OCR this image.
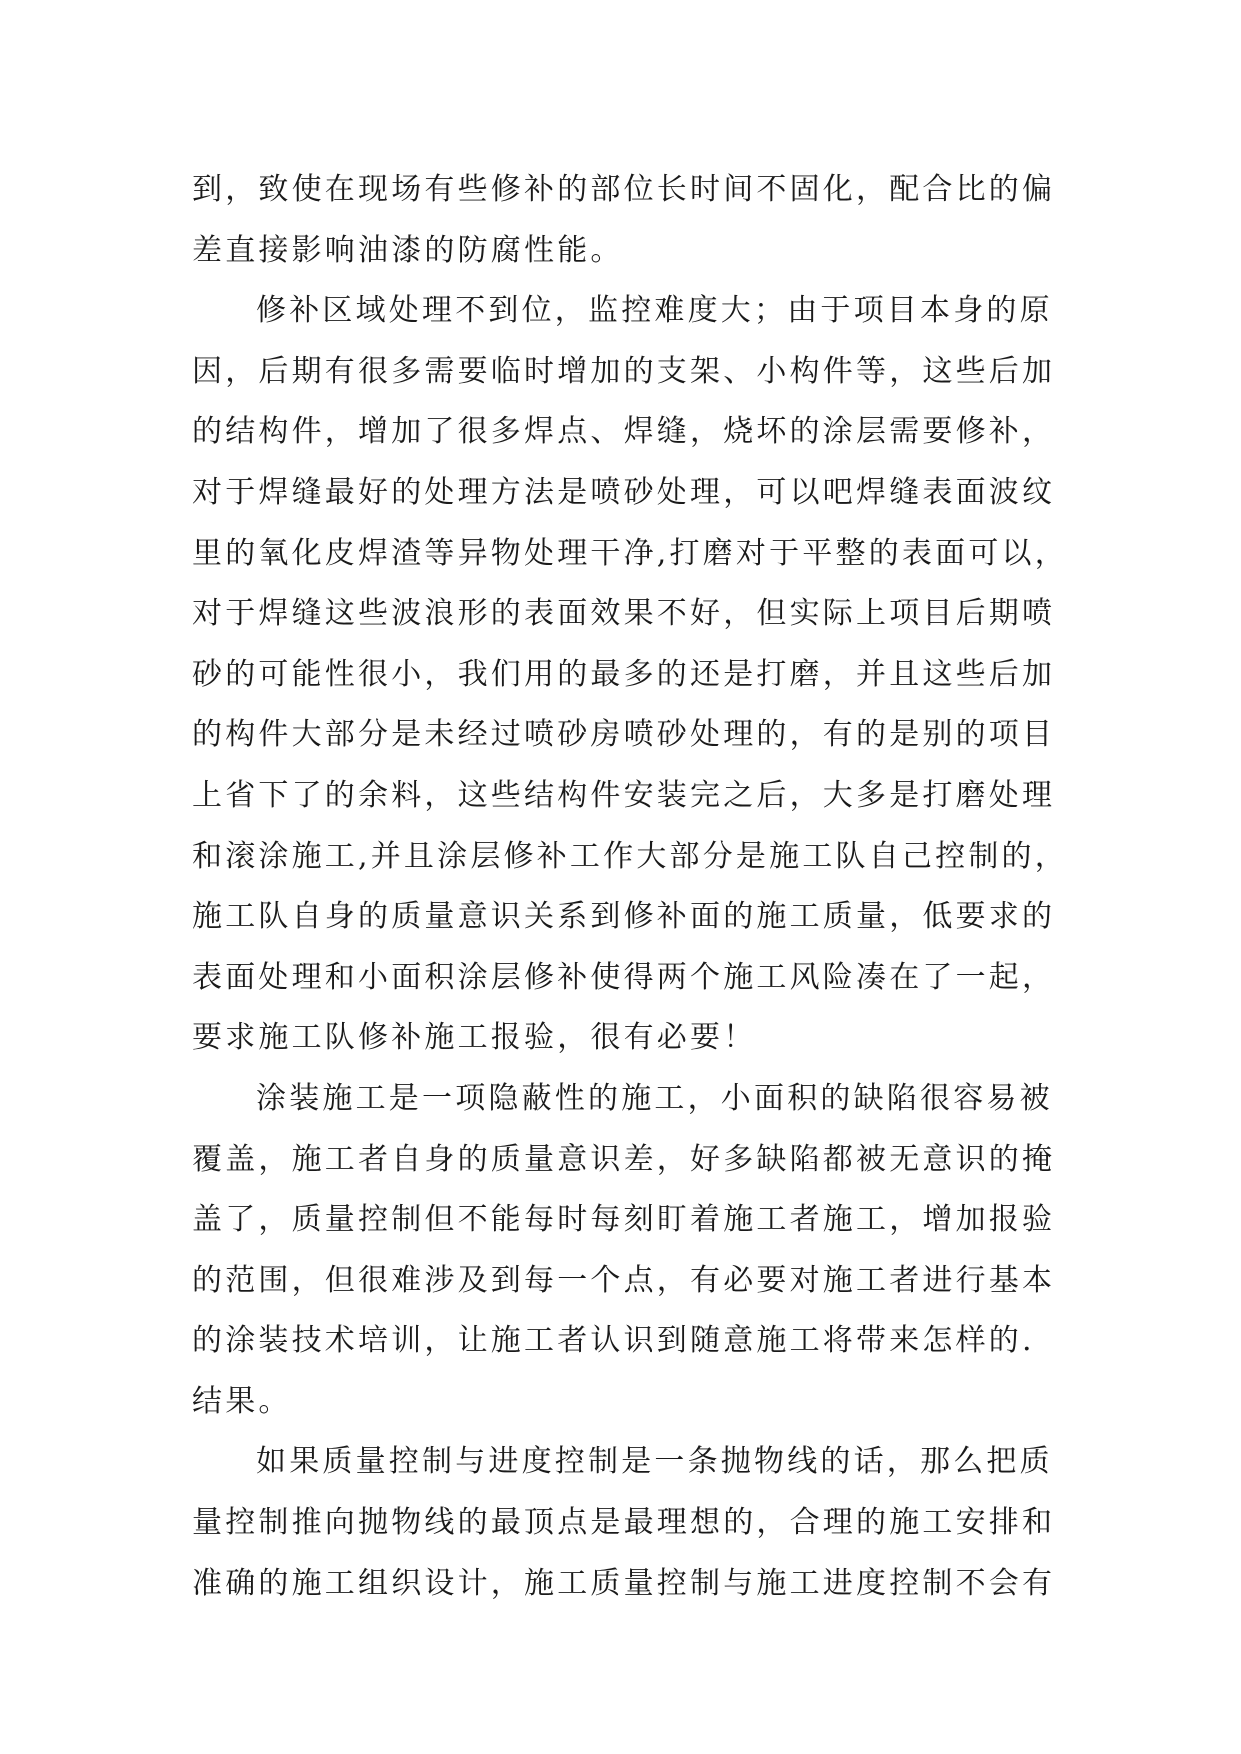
到，致使在现场有些修补的部位长时间不固化，配合比的偏
差直接影响油漆的防腐性能。
修补区域处理不到位，监控难度大；由于项目本身的原
因，后期有很多需要临时增加的支架、小构件等，这些后加
的结构件，增加了很多焊点、焊缝，烧坏的涂层需要修补，
对于焊缝最好的处理方法是喷砂处理，可以吧焊缝表面波纹
里的氧化皮焊渣等异物处理干净,打磨对于平整的表面可以，
对于焊缝这些波浪形的表面效果不好，但实际上项目后期喷
砂的可能性很小，我们用的最多的还是打磨，并且这些后加
的构件大部分是未经过喷砂房喷砂处理的，有的是别的项目
上省下了的余料，这些结构件安装完之后，大多是打磨处理
和滚涂施工,并且涂层修补工作大部分是施工队自己控制的，
施工队自身的质量意识关系到修补面的施工质量，低要求的
表面处理和小面积涂层修补使得两个施工风险凑在了一起，
要求施工队修补施工报验，很有必要！
涂装施工是一项隐蔽性的施工，小面积的缺陷很容易被
覆盖，施工者自身的质量意识差，好多缺陷都被无意识的掩
盖了，质量控制但不能每时每刻盯着施工者施工，增加报验
的范围，但很难涉及到每一个点，有必要对施工者进行基本
的涂装技术培训，让施工者认识到随意施工将带来怎样的.
结果。
如果质量控制与进度控制是一条抛物线的话，那么把质
量控制推向抛物线的最顶点是最理想的，合理的施工安排和
准确的施工组织设计，施工质量控制与施工进度控制不会有
